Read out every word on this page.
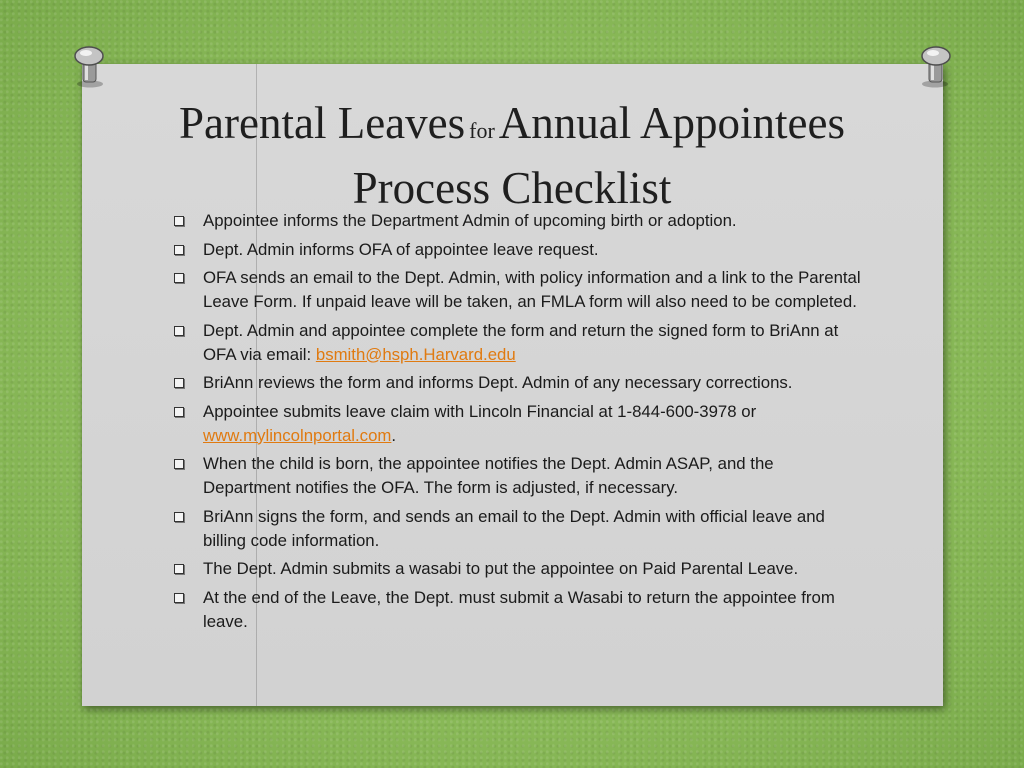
Parental Leaves for Annual Appointees
Process Checklist
Appointee informs the Department Admin of upcoming birth or adoption.
Dept. Admin informs OFA of appointee leave request.
OFA sends an email to the Dept. Admin, with policy information and a link to the Parental Leave Form. If unpaid leave will be taken, an FMLA form will also need to be completed.
Dept. Admin and appointee complete the form and return the signed form to BriAnn at OFA via email: bsmith@hsph.Harvard.edu
BriAnn reviews the form and informs Dept. Admin of any necessary corrections.
Appointee submits leave claim with Lincoln Financial at 1-844-600-3978 or www.mylincolnportal.com.
When the child is born, the appointee notifies the Dept. Admin ASAP, and the Department notifies the OFA. The form is adjusted, if necessary.
BriAnn signs the form, and sends an email to the Dept. Admin with official leave and billing code information.
The Dept. Admin submits a wasabi to put the appointee on Paid Parental Leave.
At the end of the Leave, the Dept. must submit a Wasabi to return the appointee from leave.
